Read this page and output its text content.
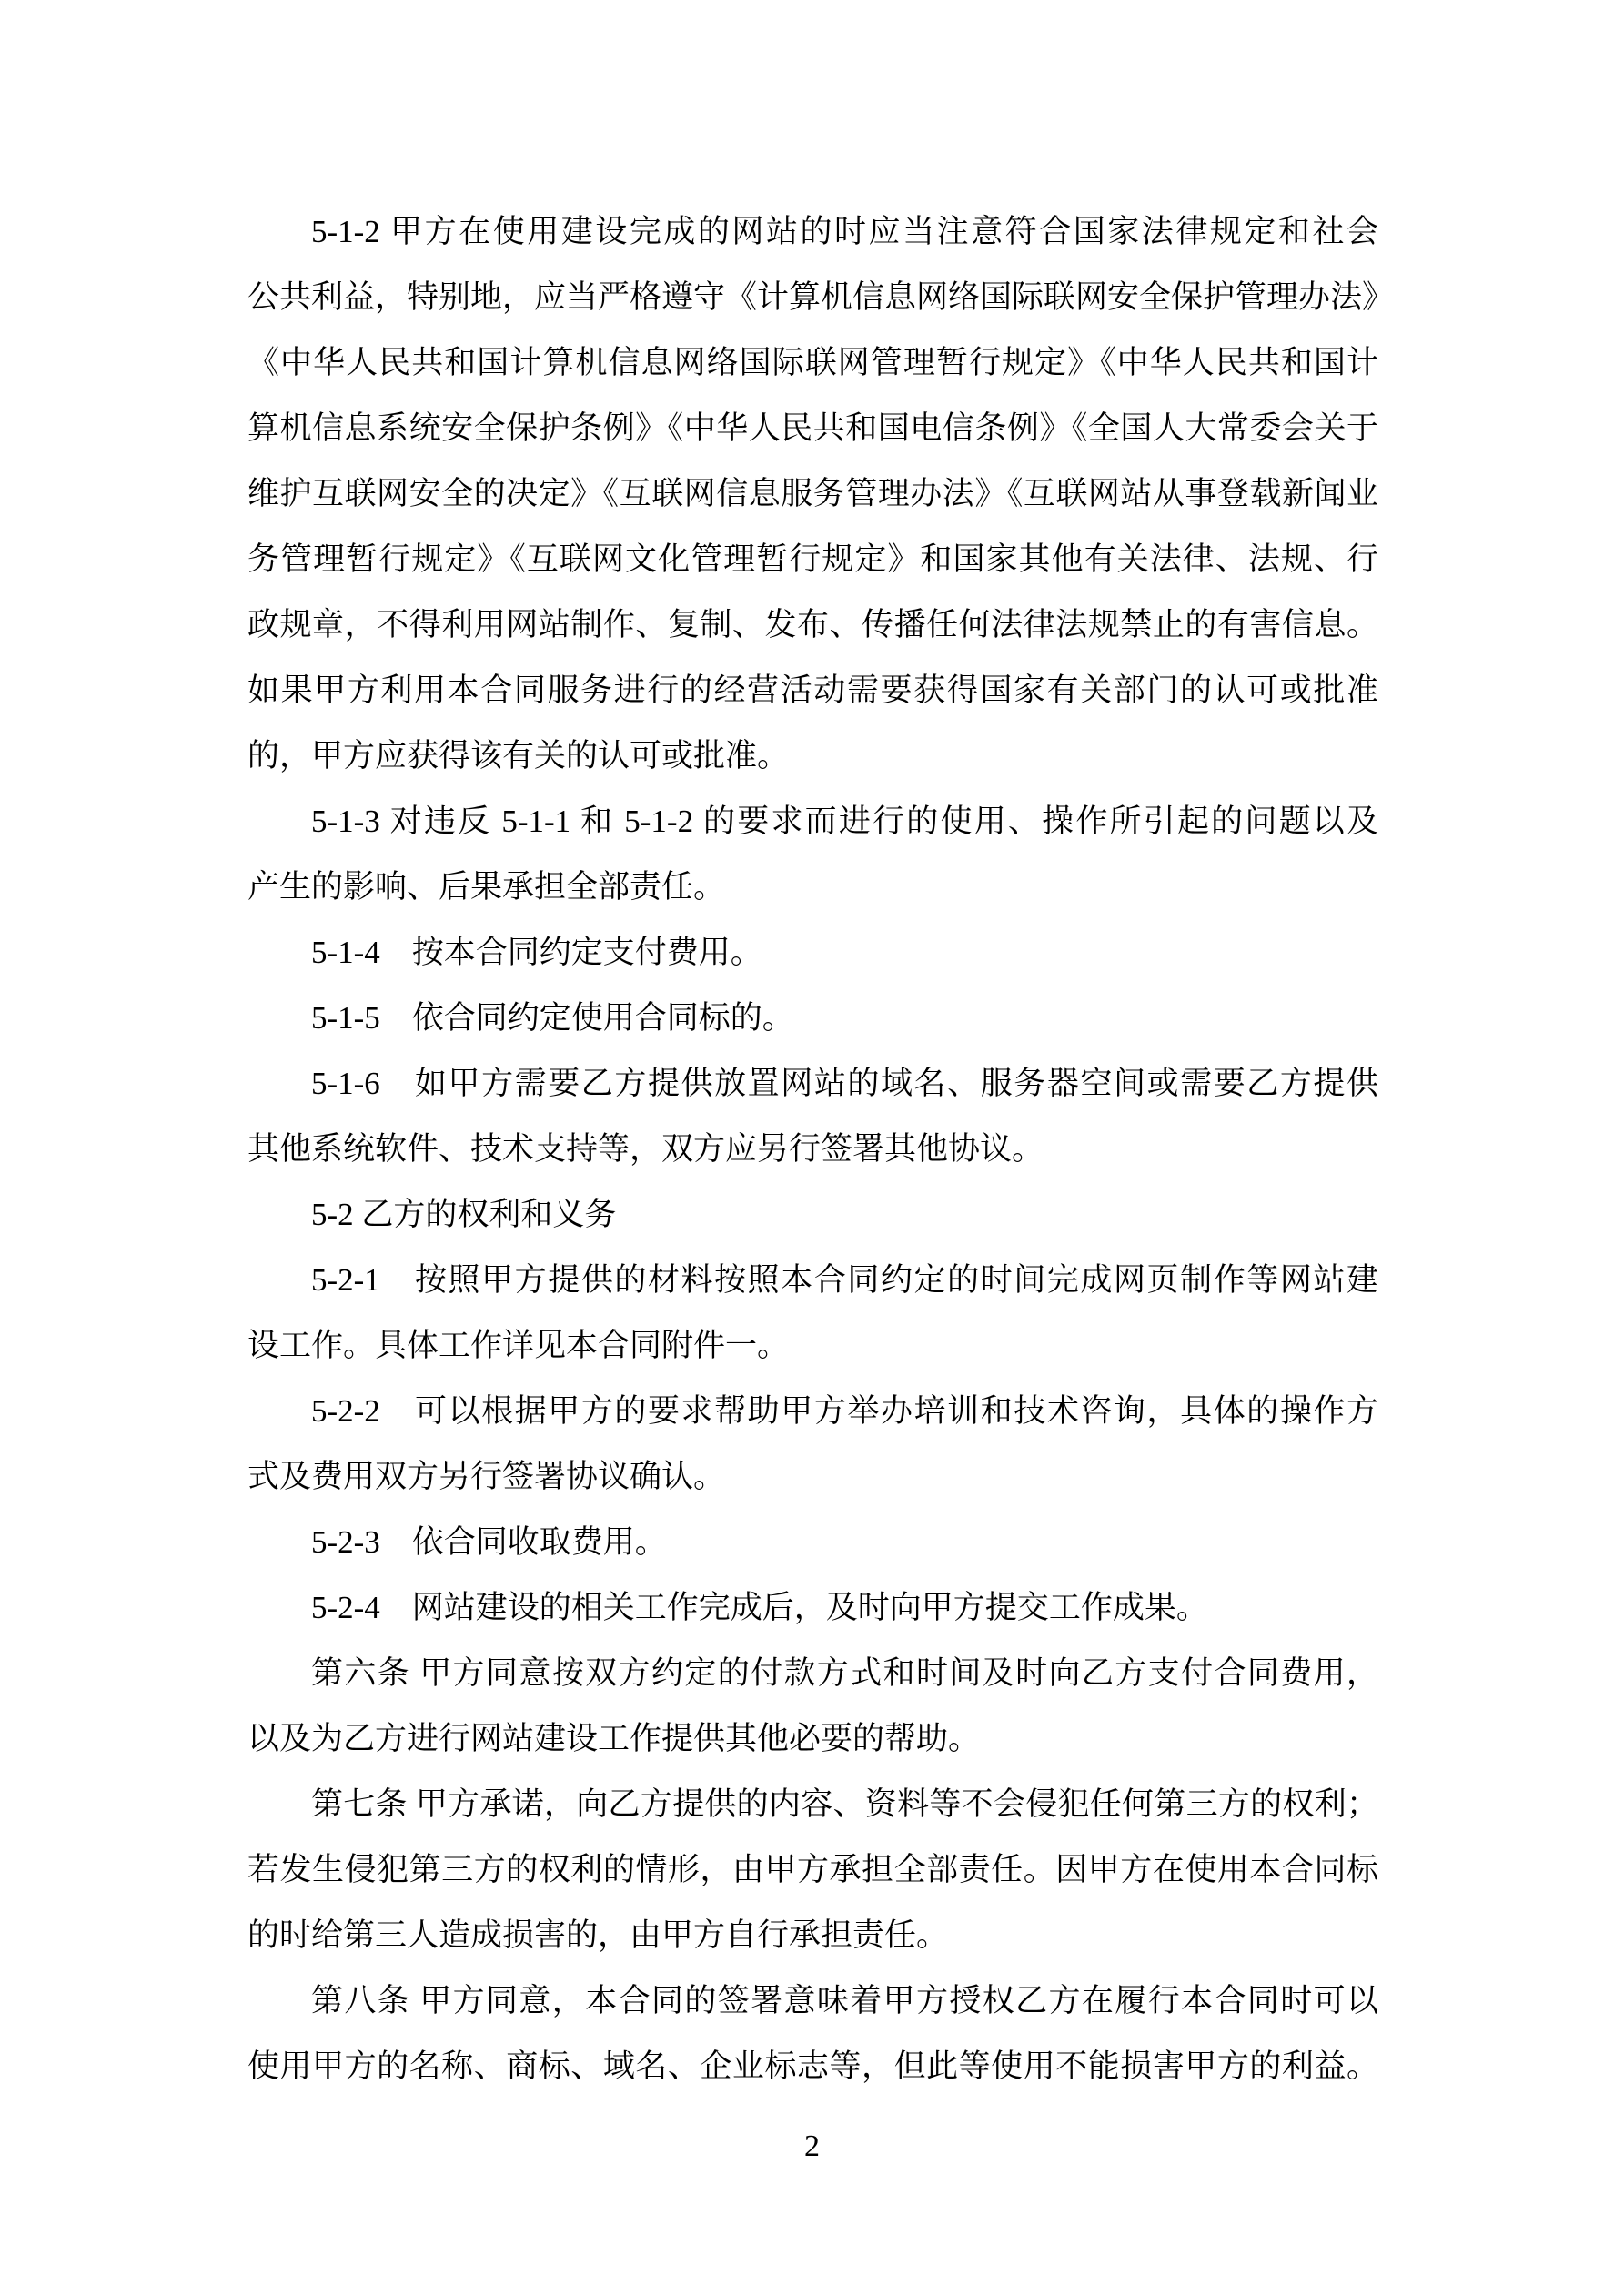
5-1-2 甲方在使用建设完成的网站的时应当注意符合国家法律规定和社会
公共利益，特别地，应当严格遵守《计算机信息网络国际联网安全保护管理办法》
《中华人民共和国计算机信息网络国际联网管理暂行规定》《中华人民共和国计
算机信息系统安全保护条例》《中华人民共和国电信条例》《全国人大常委会关于
维护互联网安全的决定》《互联网信息服务管理办法》《互联网站从事登载新闻业
务管理暂行规定》《互联网文化管理暂行规定》和国家其他有关法律、法规、行
政规章，不得利用网站制作、复制、发布、传播任何法律法规禁止的有害信息。
如果甲方利用本合同服务进行的经营活动需要获得国家有关部门的认可或批准
的，甲方应获得该有关的认可或批准。
5-1-3 对违反 5-1-1 和 5-1-2 的要求而进行的使用、操作所引起的问题以及
产生的影响、后果承担全部责任。
5-1-4　按本合同约定支付费用。
5-1-5　依合同约定使用合同标的。
5-1-6　如甲方需要乙方提供放置网站的域名、服务器空间或需要乙方提供
其他系统软件、技术支持等，双方应另行签署其他协议。
5-2 乙方的权利和义务
5-2-1　按照甲方提供的材料按照本合同约定的时间完成网页制作等网站建
设工作。具体工作详见本合同附件一。
5-2-2　可以根据甲方的要求帮助甲方举办培训和技术咨询，具体的操作方
式及费用双方另行签署协议确认。
5-2-3　依合同收取费用。
5-2-4　网站建设的相关工作完成后，及时向甲方提交工作成果。
第六条 甲方同意按双方约定的付款方式和时间及时向乙方支付合同费用，
以及为乙方进行网站建设工作提供其他必要的帮助。
第七条 甲方承诺，向乙方提供的内容、资料等不会侵犯任何第三方的权利；
若发生侵犯第三方的权利的情形，由甲方承担全部责任。因甲方在使用本合同标
的时给第三人造成损害的，由甲方自行承担责任。
第八条 甲方同意，本合同的签署意味着甲方授权乙方在履行本合同时可以
使用甲方的名称、商标、域名、企业标志等，但此等使用不能损害甲方的利益。
2
